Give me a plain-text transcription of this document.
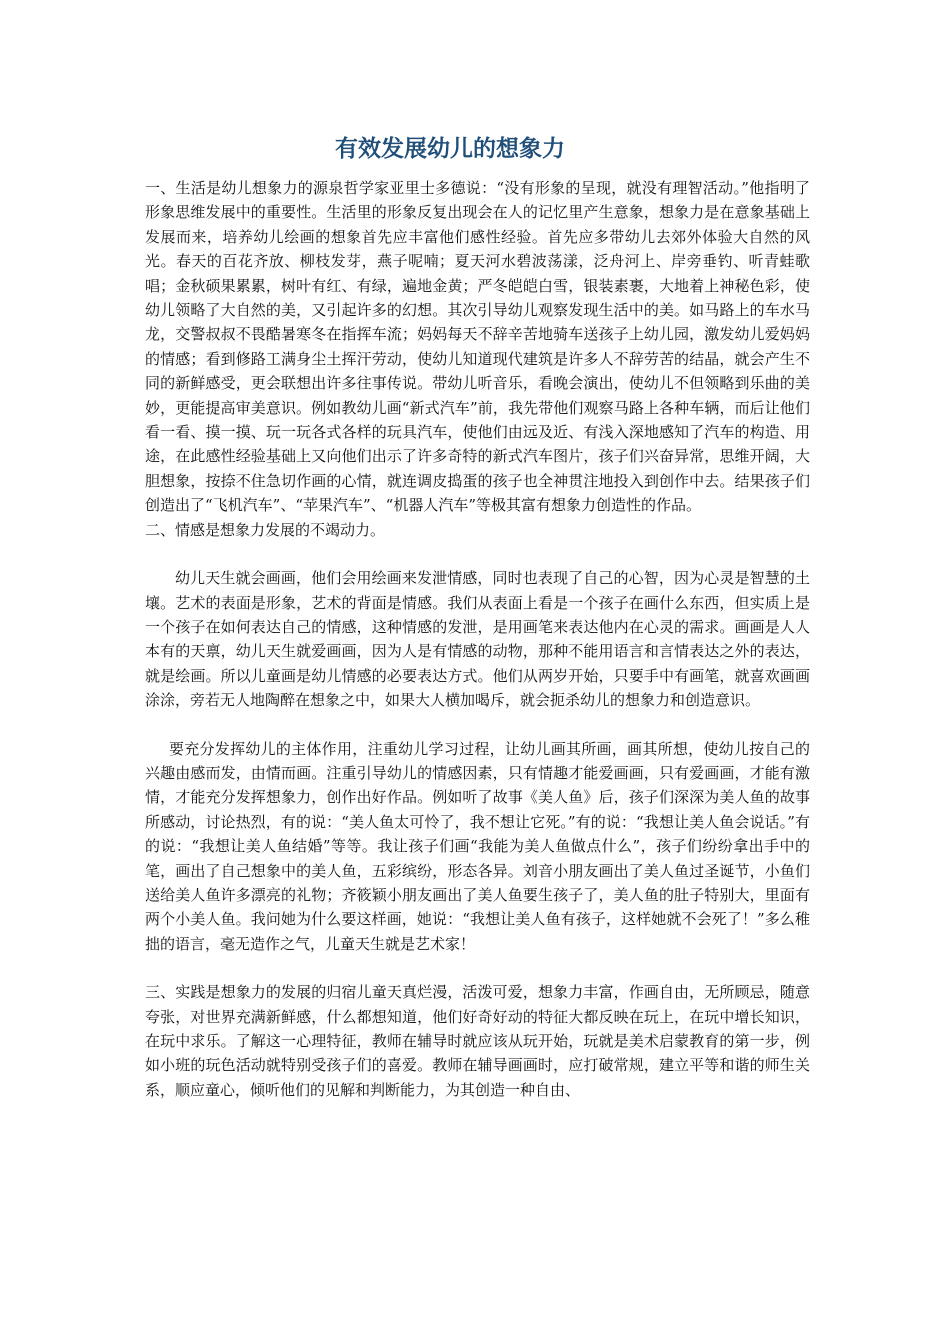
有效发展幼儿的想象力

一、生活是幼儿想象力的源泉哲学家亚里士多德说：“没有形象的呈现，就没有理智活动。”他指明了形象思维发展中的重要性。生活里的形象反复出现会在人的记忆里产生意象，想象力是在意象基础上发展而来，培养幼儿绘画的想象首先应丰富他们感性经验。首先应多带幼儿去郊外体验大自然的风光。春天的百花齐放、柳枝发芽，燕子呢喃；夏天河水碧波荡漾，泛舟河上、岸旁垂钓、听青蛙歌唱；金秋硕果累累，树叶有红、有绿，遍地金黄；严冬皑皑白雪，银装素裹，大地着上神秘色彩，使幼儿领略了大自然的美，又引起许多的幻想。其次引导幼儿观察发现生活中的美。如马路上的车水马龙，交警叔叔不畏酷暑寒冬在指挥车流；妈妈每天不辞辛苦地骑车送孩子上幼儿园，激发幼儿爱妈妈的情感；看到修路工满身尘土挥汗劳动，使幼儿知道现代建筑是许多人不辞劳苦的结晶，就会产生不同的新鲜感受，更会联想出许多往事传说。带幼儿听音乐，看晚会演出，使幼儿不但领略到乐曲的美妙，更能提高审美意识。例如教幼儿画“新式汽车”前，我先带他们观察马路上各种车辆，而后让他们看一看、摸一摸、玩一玩各式各样的玩具汽车，使他们由远及近、有浅入深地感知了汽车的构造、用途，在此感性经验基础上又向他们出示了许多奇特的新式汽车图片，孩子们兴奋异常，思维开阔，大胆想象，按捺不住急切作画的心情，就连调皮捣蛋的孩子也全神贯注地投入到创作中去。结果孩子们创造出了“飞机汽车”、“苹果汽车”、“机器人汽车”等极其富有想象力创造性的作品。

二、情感是想象力发展的不竭动力。

幼儿天生就会画画，他们会用绘画来发泄情感，同时也表现了自己的心智，因为心灵是智慧的土壤。艺术的表面是形象，艺术的背面是情感。我们从表面上看是一个孩子在画什么东西，但实质上是一个孩子在如何表达自己的情感，这种情感的发泄，是用画笔来表达他内在心灵的需求。画画是人人本有的天禀，幼儿天生就爱画画，因为人是有情感的动物，那种不能用语言和言情表达之外的表达，就是绘画。所以儿童画是幼儿情感的必要表达方式。他们从两岁开始，只要手中有画笔，就喜欢画画涂涂，旁若无人地陶醉在想象之中，如果大人横加喝斥，就会扼杀幼儿的想象力和创造意识。

要充分发挥幼儿的主体作用，注重幼儿学习过程，让幼儿画其所画，画其所想，使幼儿按自己的兴趣由感而发，由情而画。注重引导幼儿的情感因素，只有情趣才能爱画画，只有爱画画，才能有激情，才能充分发挥想象力，创作出好作品。例如听了故事《美人鱼》后，孩子们深深为美人鱼的故事所感动，讨论热烈，有的说：“美人鱼太可怜了，我不想让它死。”有的说：“我想让美人鱼会说话。”有的说：“我想让美人鱼结婚”等等。我让孩子们画“我能为美人鱼做点什么”，孩子们纷纷拿出手中的笔，画出了自己想象中的美人鱼，五彩缤纷，形态各异。刘音小朋友画出了美人鱼过圣诞节，小鱼们送给美人鱼许多漂亮的礼物；齐筱颖小朋友画出了美人鱼要生孩子了，美人鱼的肚子特别大，里面有两个小美人鱼。我问她为什么要这样画，她说：“我想让美人鱼有孩子，这样她就不会死了！”多么稚拙的语言，毫无造作之气，儿童天生就是艺术家！

三、实践是想象力的发展的归宿儿童天真烂漫，活泼可爱，想象力丰富，作画自由，无所顾忌，随意夸张，对世界充满新鲜感，什么都想知道，他们好奇好动的特征大都反映在玩上，在玩中增长知识，在玩中求乐。了解这一心理特征，教师在辅导时就应该从玩开始，玩就是美术启蒙教育的第一步，例如小班的玩色活动就特别受孩子们的喜爱。教师在辅导画画时，应打破常规，建立平等和谐的师生关系，顺应童心，倾听他们的见解和判断能力，为其创造一种自由、
